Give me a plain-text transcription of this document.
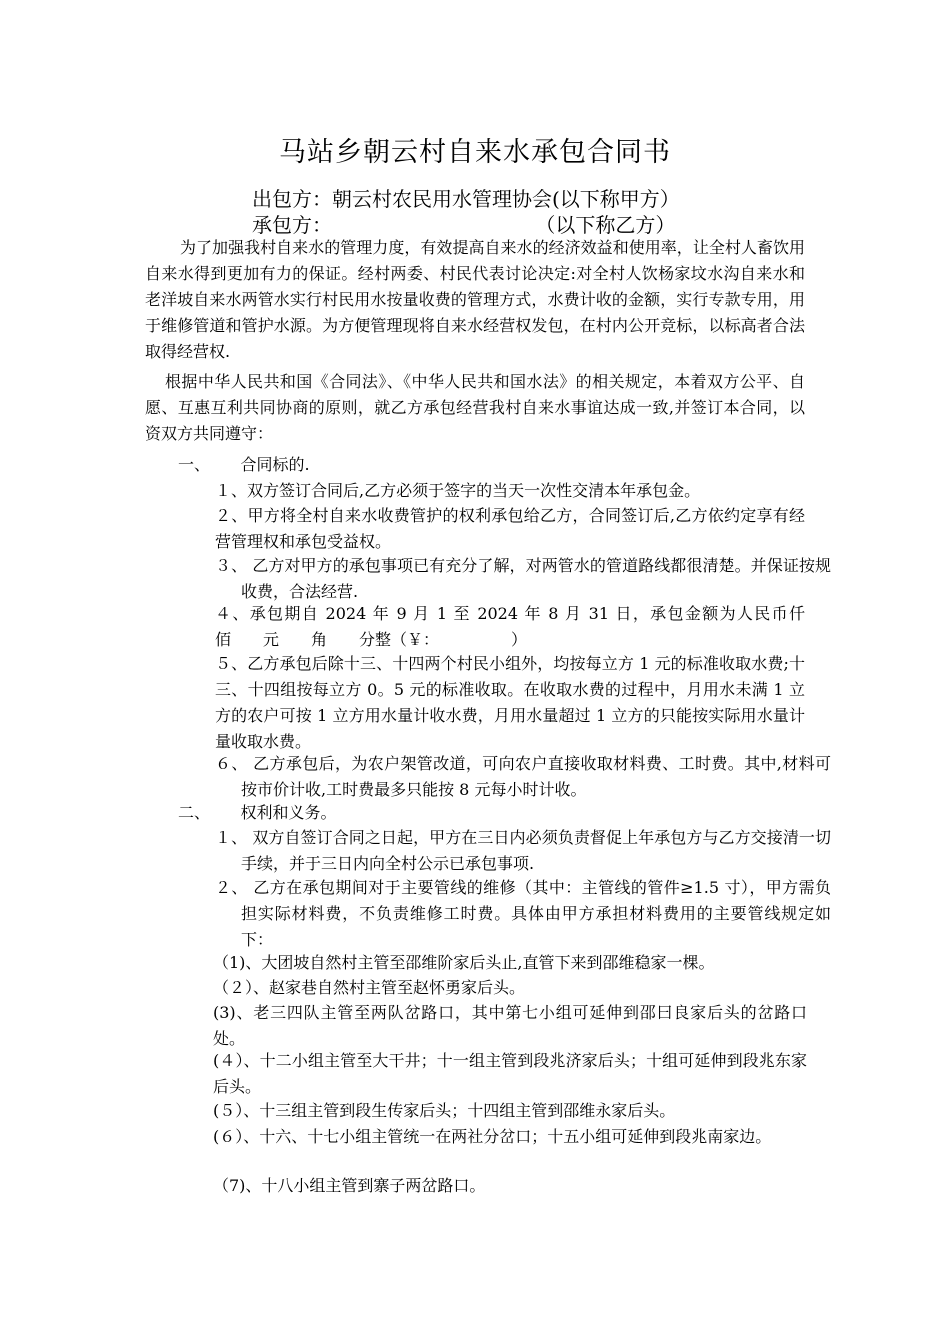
马站乡朝云村自来水承包合同书
出包方：朝云村农民用水管理协会(以下称甲方）
承包方：                                （以下称乙方）
为了加强我村自来水的管理力度，有效提高自来水的经济效益和使用率，让全村人畜饮用自来水得到更加有力的保证。经村两委、村民代表讨论决定:对全村人饮杨家坟水沟自来水和老洋坡自来水两管水实行村民用水按量收费的管理方式，水费计收的金额，实行专款专用，用于维修管道和管护水源。为方便管理现将自来水经营权发包，在村内公开竞标，以标高者合法取得经营权.
根据中华人民共和国《合同法》、《中华人民共和国水法》的相关规定，本着双方公平、自愿、互惠互利共同协商的原则，就乙方承包经营我村自来水事谊达成一致,并签订本合同，以资双方共同遵守：
一、      合同标的.
１、双方签订合同后,乙方必须于签字的当天一次性交清本年承包金。
２、甲方将全村自来水收费管护的权利承包给乙方，合同签订后,乙方依约定享有经营管理权和承包受益权。
３、 乙方对甲方的承包事项已有充分了解，对两管水的管道路线都很清楚。并保证按规收费，合法经营.
４、承包期自 2024 年 9 月 1 至 2024 年 8 月 31 日，承包金额为人民币仟　　佰　　元　　角　　分整（￥：　　　　　）
５、乙方承包后除十三、十四两个村民小组外，均按每立方 1 元的标准收取水费;十三、十四组按每立方 0。5 元的标准收取。在收取水费的过程中，月用水未满 1 立方的农户可按 1 立方用水量计收水费，月用水量超过 1 立方的只能按实际用水量计量收取水费。
６、 乙方承包后，为农户架管改道，可向农户直接收取材料费、工时费。其中,材料可按市价计收,工时费最多只能按 8 元每小时计收。
二、      权利和义务。
１、 双方自签订合同之日起，甲方在三日内必须负责督促上年承包方与乙方交接清一切手续，并于三日内向全村公示已承包事项.
２、 乙方在承包期间对于主要管线的维修（其中：主管线的管件≥1.5 寸），甲方需负担实际材料费，不负责维修工时费。具体由甲方承担材料费用的主要管线规定如下：
（1)、大团坡自然村主管至邵维阶家后头止,直管下来到邵维稳家一棵。
（２）、赵家巷自然村主管至赵怀勇家后头。
(3)、老三四队主管至两队岔路口，其中第七小组可延伸到邵曰良家后头的岔路口处。
(４）、十二小组主管至大干井；十一组主管到段兆济家后头；十组可延伸到段兆东家后头。
(５）、十三组主管到段生传家后头；十四组主管到邵维永家后头。
(６）、十六、十七小组主管统一在两社分岔口；十五小组可延伸到段兆南家边。
（7)、十八小组主管到寨子两岔路口。
